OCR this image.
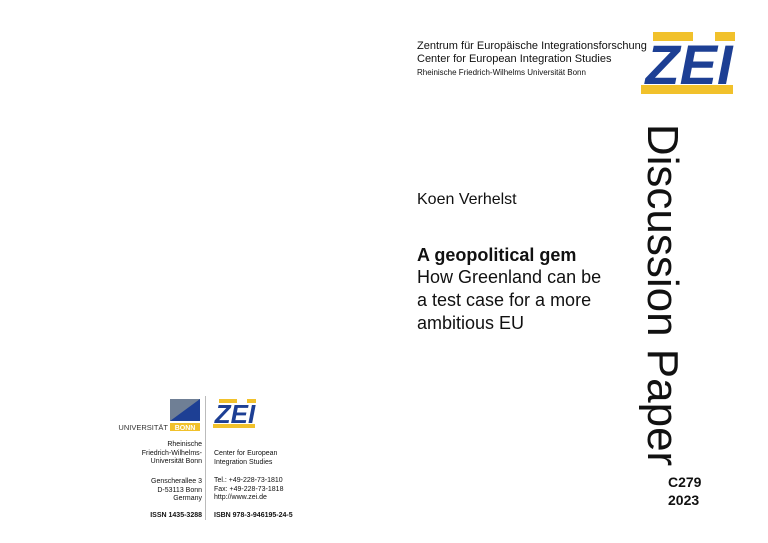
Zentrum für Europäische Integrationsforschung
Center for European Integration Studies
Rheinische Friedrich-Wilhelms Universität Bonn ZEI
Discussion Paper
Koen Verhelst
A geopolitical gem
How Greenland can be
a test case for a more
ambitious EU
C279
2023
UNIVERSITÄT BONN ZEI
Rheinische
Friedrich-Wilhelms-
Universität Bonn
Genscherallee 3
D-53113 Bonn
Germany
ISSN 1435-3288
Center for European
Integration Studies
Tel.: +49-228-73-1810
Fax: +49-228-73-1818
http://www.zei.de
ISBN 978-3-946195-24-5
